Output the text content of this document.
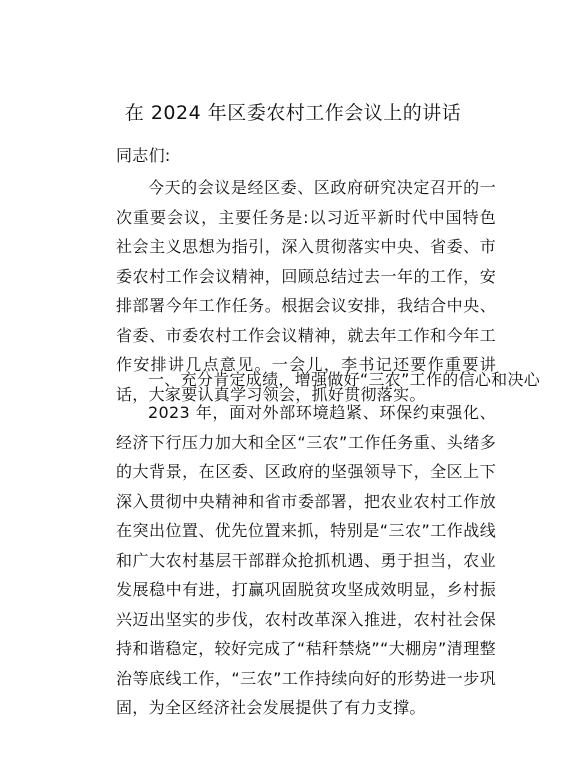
在 2024 年区委农村工作会议上的讲话
同志们:

今天的会议是经区委、区政府研究决定召开的一次重要会议，主要任务是:以习近平新时代中国特色社会主义思想为指引，深入贯彻落实中央、省委、市委农村工作会议精神，回顾总结过去一年的工作，安排部署今年工作任务。根据会议安排，我结合中央、省委、市委农村工作会议精神，就去年工作和今年工作安排讲几点意见。一会儿，李书记还要作重要讲话，大家要认真学习领会，抓好贯彻落实。

一、充分肯定成绩，增强做好“三农”工作的信心和决心

2023 年，面对外部环境趋紧、环保约束强化、经济下行压力加大和全区“三农”工作任务重、头绪多的大背景，在区委、区政府的坚强领导下，全区上下深入贯彻中央精神和省市委部署，把农业农村工作放在突出位置、优先位置来抓，特别是“三农”工作战线和广大农村基层干部群众抢抓机遇、勇于担当，农业发展稳中有进，打赢巩固脱贫攻坚成效明显，乡村振兴迈出坚实的步伐，农村改革深入推进，农村社会保持和谐稳定，较好完成了“秸秆禁烧”“大棚房”清理整治等底线工作，“三农”工作持续向好的形势进一步巩固，为全区经济社会发展提供了有力支撑。
